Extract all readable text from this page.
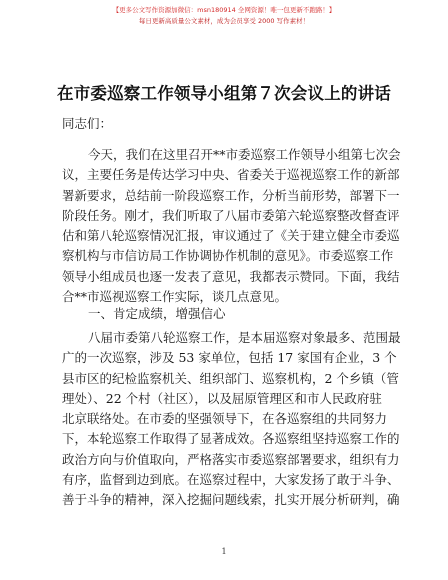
【更多公文写作资源加微信：msn180914 全网资源！唯一包更新不跑路！】
每日更新高质量公文素材，成为会员享受 2000 写作素材！
在市委巡察工作领导小组第７次会议上的讲话
同志们：
今天，我们在这里召开**市委巡察工作领导小组第七次会
议，主要任务是传达学习中央、省委关于巡视巡察工作的新部
署新要求，总结前一阶段巡察工作，分析当前形势，部署下一
阶段任务。刚才，我们听取了八届市委第六轮巡察整改督查评
估和第八轮巡察情况汇报，审议通过了《关于建立健全市委巡
察机构与市信访局工作协调协作机制的意见》。市委巡察工作
领导小组成员也逐一发表了意见，我都表示赞同。下面，我结
合**市巡视巡察工作实际，谈几点意见。
一、肯定成绩，增强信心
八届市委第八轮巡察工作，是本届巡察对象最多、范围最
广的一次巡察，涉及 53 家单位，包括 17 家国有企业，3 个
县市区的纪检监察机关、组织部门、巡察机构，2 个乡镇（管
理处）、22 个村（社区），以及屈原管理区和市人民政府驻
北京联络处。在市委的坚强领导下，在各巡察组的共同努力
下，本轮巡察工作取得了显著成效。各巡察组坚持巡察工作的
政治方向与价值取向，严格落实市委巡察部署要求，组织有力
有序，监督到边到底。在巡察过程中，大家发扬了敢于斗争、
善于斗争的精神，深入挖掘问题线索，扎实开展分析研判，确
1
